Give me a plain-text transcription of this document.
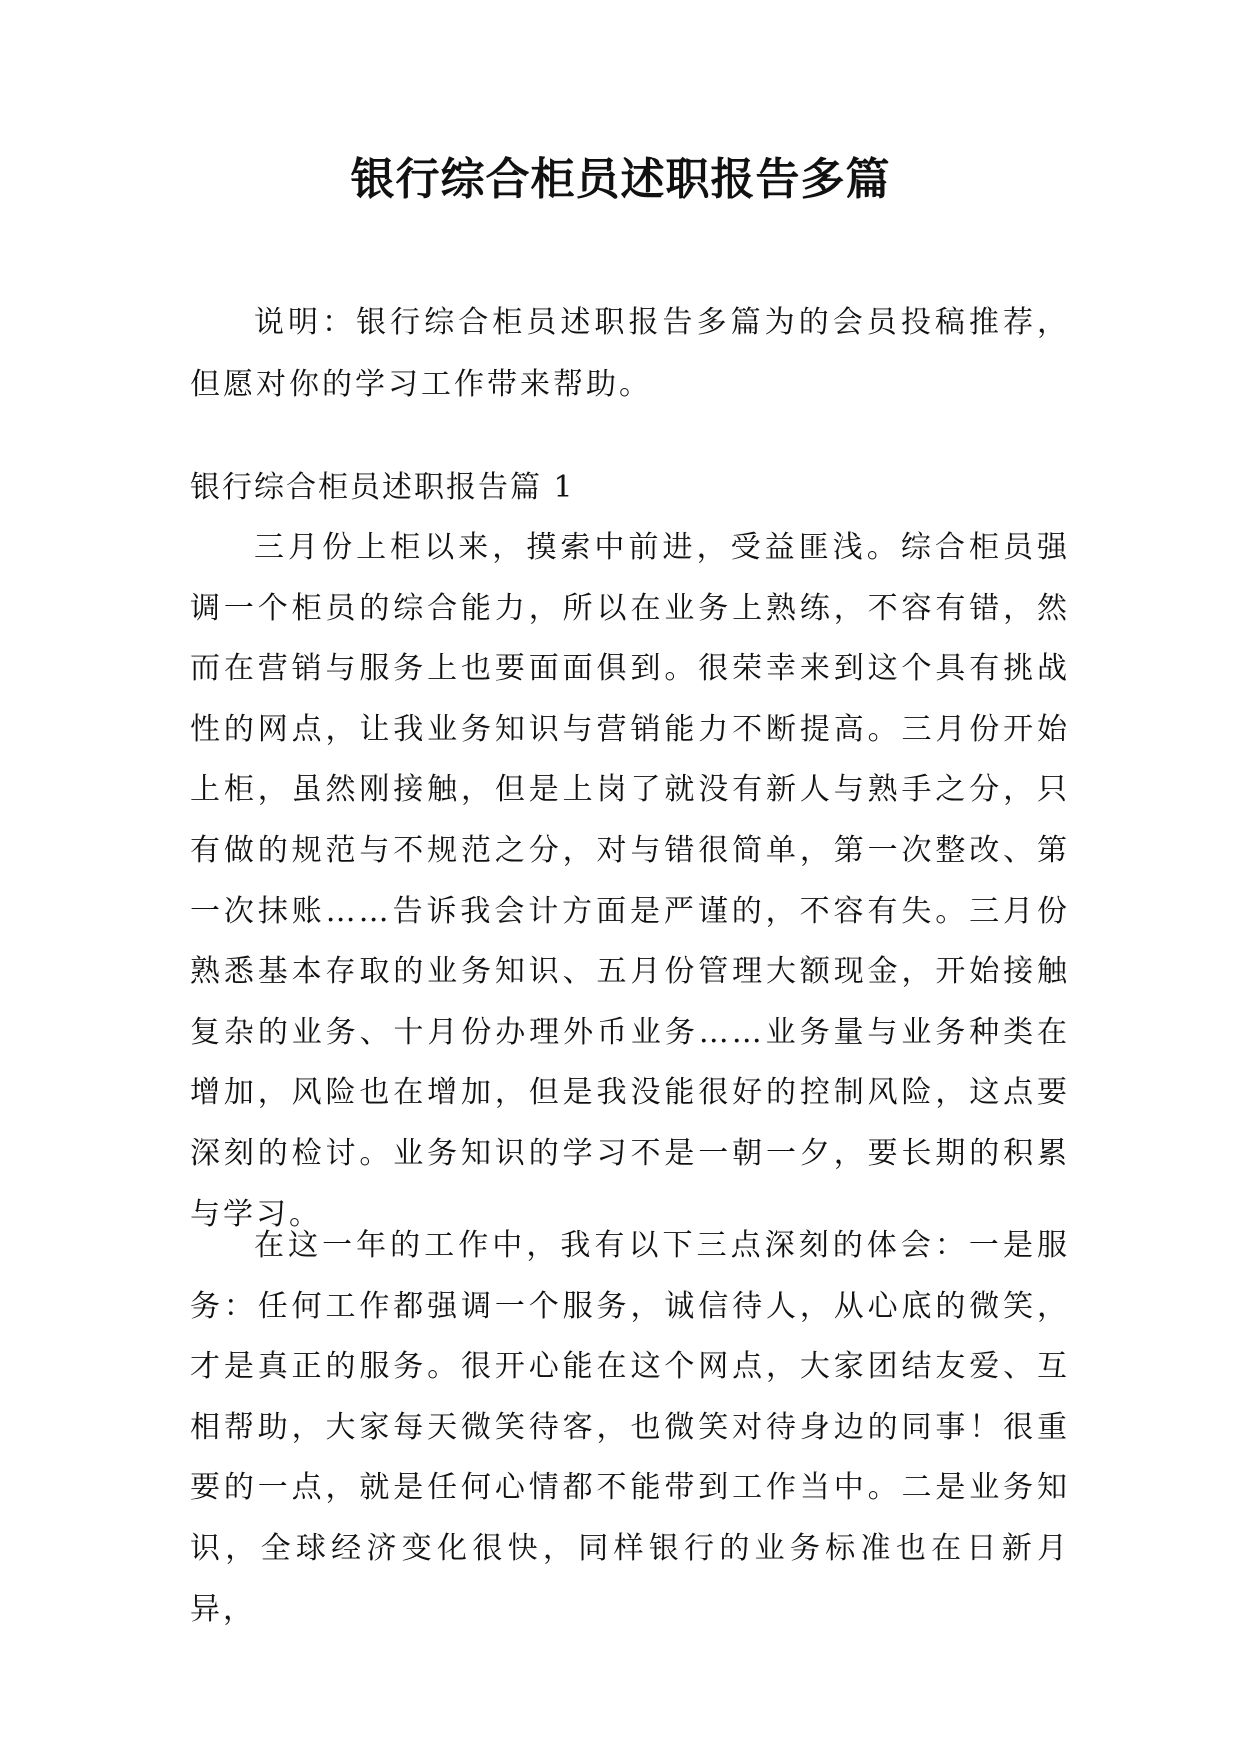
银行综合柜员述职报告多篇

说明：银行综合柜员述职报告多篇为的会员投稿推荐，但愿对你的学习工作带来帮助。

银行综合柜员述职报告篇 1

三月份上柜以来，摸索中前进，受益匪浅。综合柜员强调一个柜员的综合能力，所以在业务上熟练，不容有错，然而在营销与服务上也要面面俱到。很荣幸来到这个具有挑战性的网点，让我业务知识与营销能力不断提高。三月份开始上柜，虽然刚接触，但是上岗了就没有新人与熟手之分，只有做的规范与不规范之分，对与错很简单，第一次整改、第一次抹账……告诉我会计方面是严谨的，不容有失。三月份熟悉基本存取的业务知识、五月份管理大额现金，开始接触复杂的业务、十月份办理外币业务……业务量与业务种类在增加，风险也在增加，但是我没能很好的控制风险，这点要深刻的检讨。业务知识的学习不是一朝一夕，要长期的积累与学习。

在这一年的工作中，我有以下三点深刻的体会：一是服务：任何工作都强调一个服务，诚信待人，从心底的微笑，才是真正的服务。很开心能在这个网点，大家团结友爱、互相帮助，大家每天微笑待客，也微笑对待身边的同事！很重要的一点，就是任何心情都不能带到工作当中。二是业务知识，全球经济变化很快，同样银行的业务标准也在日新月异，
